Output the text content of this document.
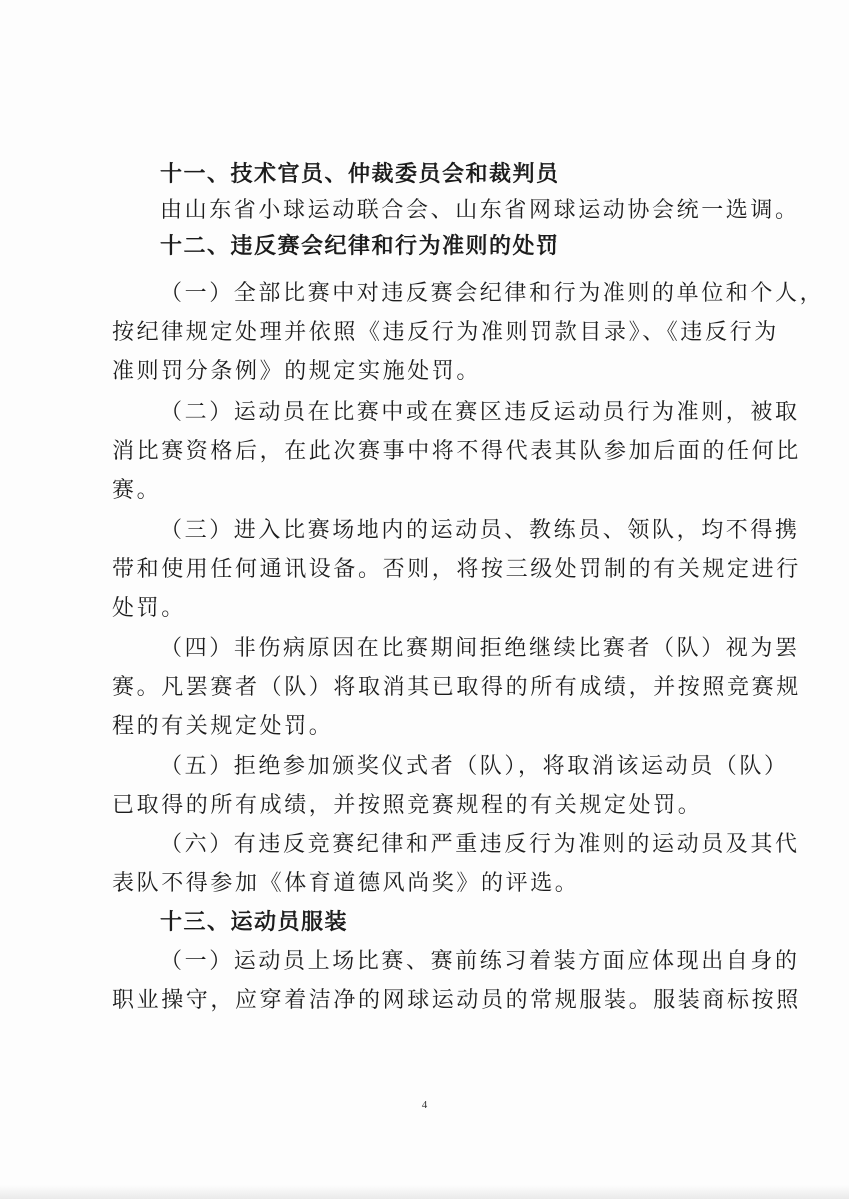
十一、技术官员、仲裁委员会和裁判员
由山东省小球运动联合会、山东省网球运动协会统一选调。
十二、违反赛会纪律和行为准则的处罚
（一）全部比赛中对违反赛会纪律和行为准则的单位和个人，
按纪律规定处理并依照《违反行为准则罚款目录》、《违反行为
准则罚分条例》的规定实施处罚。
（二）运动员在比赛中或在赛区违反运动员行为准则，被取
消比赛资格后，在此次赛事中将不得代表其队参加后面的任何比
赛。
（三）进入比赛场地内的运动员、教练员、领队，均不得携
带和使用任何通讯设备。否则，将按三级处罚制的有关规定进行
处罚。
（四）非伤病原因在比赛期间拒绝继续比赛者（队）视为罢
赛。凡罢赛者（队）将取消其已取得的所有成绩，并按照竞赛规
程的有关规定处罚。
（五）拒绝参加颁奖仪式者（队），将取消该运动员（队）
已取得的所有成绩，并按照竞赛规程的有关规定处罚。
（六）有违反竞赛纪律和严重违反行为准则的运动员及其代
表队不得参加《体育道德风尚奖》的评选。
十三、运动员服装
（一）运动员上场比赛、赛前练习着装方面应体现出自身的
职业操守，应穿着洁净的网球运动员的常规服装。服装商标按照
4
